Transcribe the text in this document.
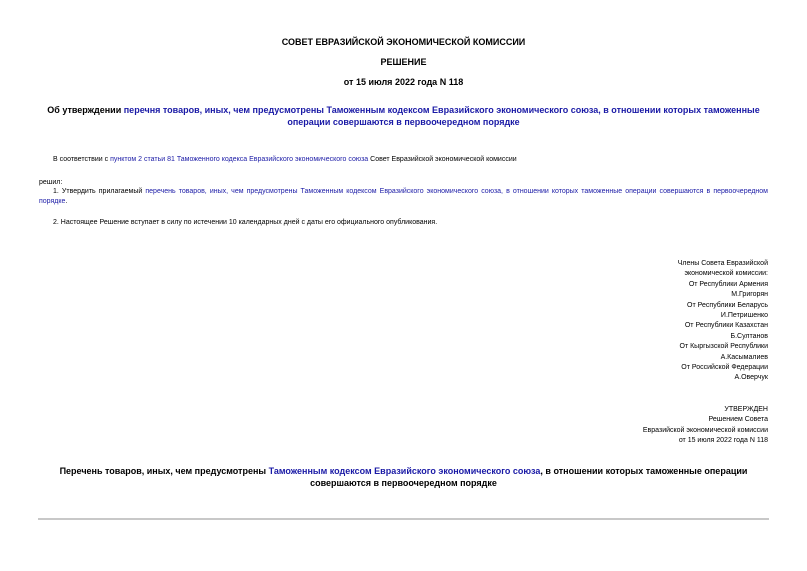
СОВЕТ ЕВРАЗИЙСКОЙ ЭКОНОМИЧЕСКОЙ КОМИССИИ
РЕШЕНИЕ
от 15 июля 2022 года N 118
Об утверждении перечня товаров, иных, чем предусмотрены Таможенным кодексом Евразийского экономического союза, в отношении которых таможенные
операции совершаются в первоочередном порядке
В соответствии с пунктом 2 статьи 81 Таможенного кодекса Евразийского экономического союза Совет Евразийской экономической комиссии
решил:
1. Утвердить прилагаемый перечень товаров, иных, чем предусмотрены Таможенным кодексом Евразийского экономического союза, в отношении которых таможенные операции совершаются в первоочередном порядке.
2. Настоящее Решение вступает в силу по истечении 10 календарных дней с даты его официального опубликования.
Члены Совета Евразийской
экономической комиссии:
От Республики Армения
М.Григорян
От Республики Беларусь
И.Петришенко
От Республики Казахстан
Б.Султанов
От Кыргызской Республики
А.Касымалиев
От Российской Федерации
А.Оверчук
УТВЕРЖДЕН
Решением Совета
Евразийской экономической комиссии
от 15 июля 2022 года N 118
Перечень товаров, иных, чем предусмотрены Таможенным кодексом Евразийского экономического союза, в отношении которых таможенные операции
совершаются в первоочередном порядке
